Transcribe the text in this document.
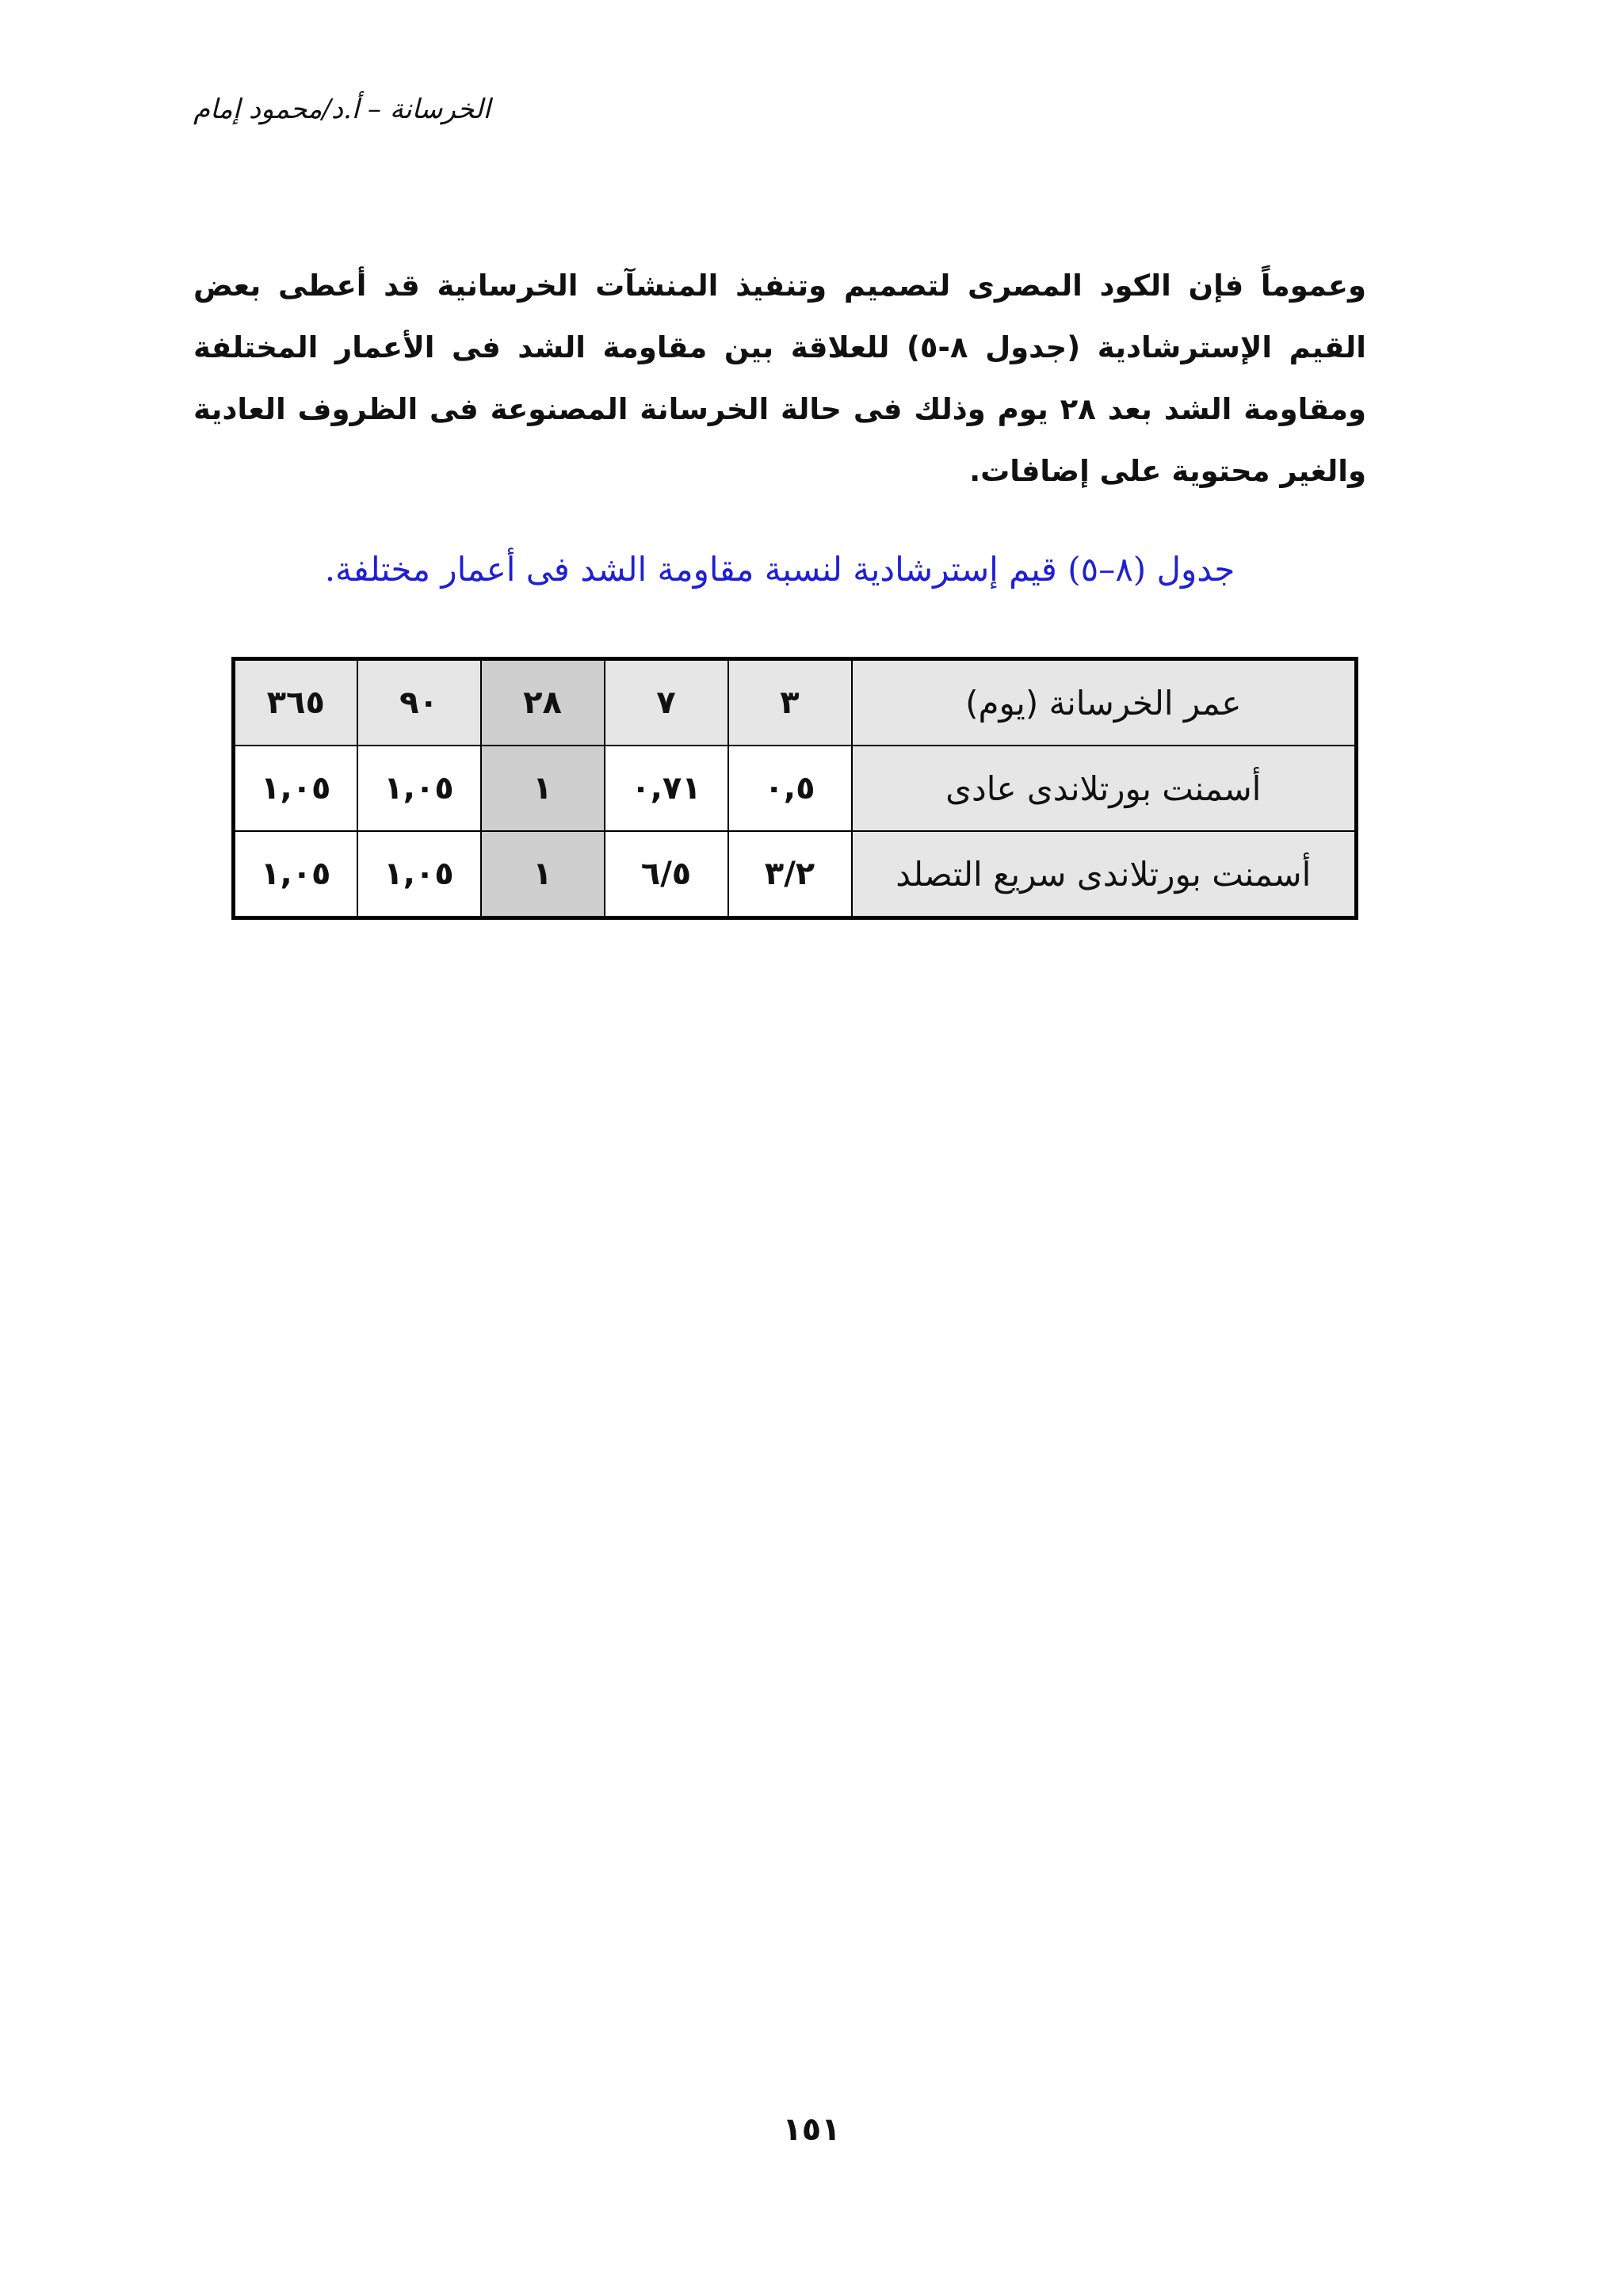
الخرسانة – أ.د/محمود إمام

وعموماً فإن الكود المصرى لتصميم وتنفيذ المنشآت الخرسانية قد أعطى بعض القيم الإسترشادية (جدول ٨-٥) للعلاقة بين مقاومة الشد فى الأعمار المختلفة ومقاومة الشد بعد ٢٨ يوم وذلك فى حالة الخرسانة المصنوعة فى الظروف العادية والغير محتوية على إضافات.

جدول (٨–٥) قيم إسترشادية لنسبة مقاومة الشد فى أعمار مختلفة.
عمر الخرسانة (يوم)	٣	٧	٢٨	٩٠	٣٦٥
أسمنت بورتلاندى عادى	٠,٥	٠,٧١	١	١,٠٥	١,٠٥
أسمنت بورتلاندى سريع التصلد	٣/٢	٦/٥	١	١,٠٥	١,٠٥
١٥١
